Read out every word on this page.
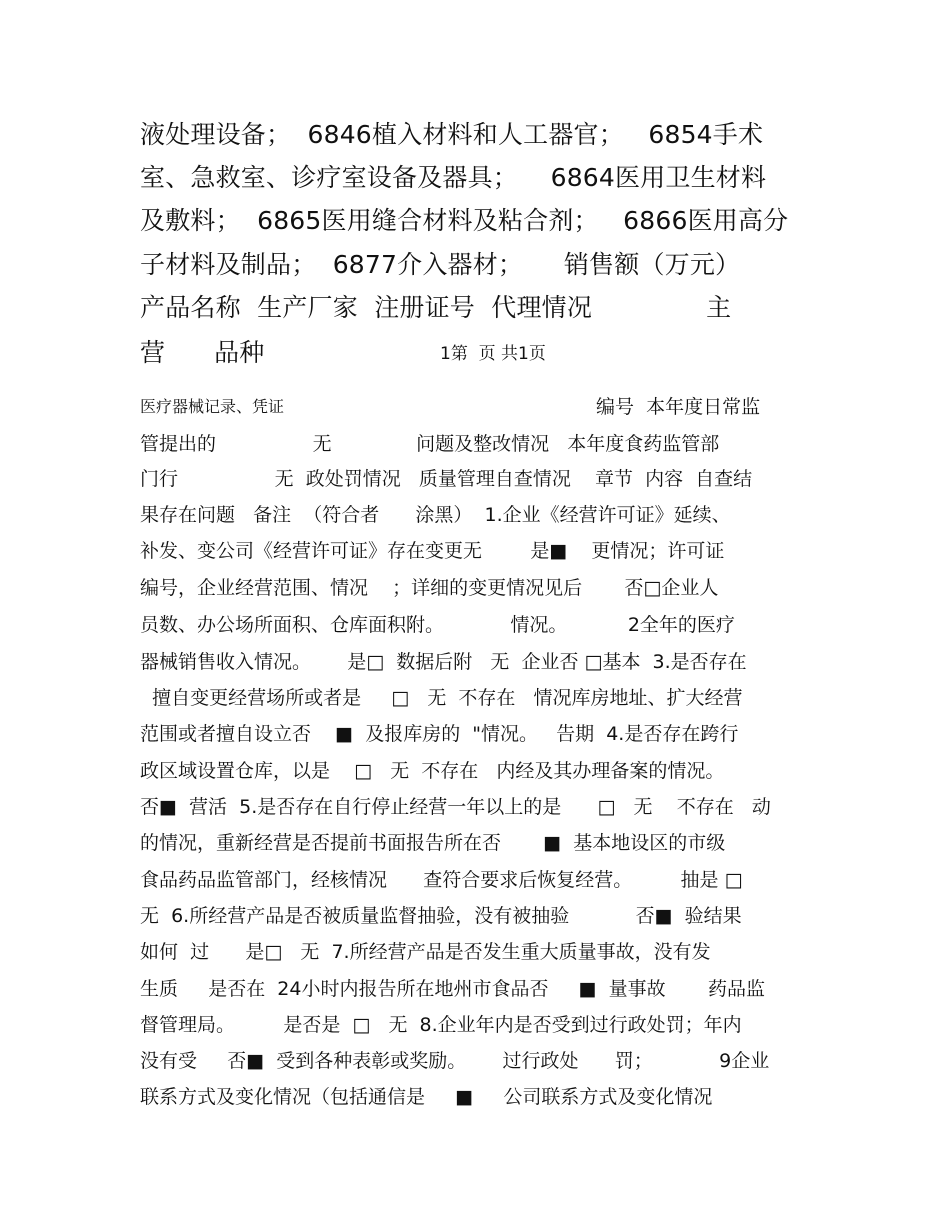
液处理设备；  6846植入材料和人工器官；   6854手术
室、急救室、诊疗室设备及器具；    6864医用卫生材料
及敷料；  6865医用缝合材料及粘合剂；   6866医用高分
子材料及制品；  6877介入器材；     销售额（万元）
产品名称  生产厂家  注册证号  代理情况              主
营      品种	1第  页 共1页
医疗器械记录、凭证	编号  本年度日常监
管提出的                无              问题及整改情况   本年度食药监管部
门行                无  政处罚情况   质量管理自查情况    章节  内容  自查结
果存在问题   备注  （符合者      涂黑）  1.企业《经营许可证》延续、
补发、变公司《经营许可证》存在变更无        是■    更情况；许可证
编号，企业经营范围、情况    ；详细的变更情况见后       否□企业人
员数、办公场所面积、仓库面积附。           情况。          2全年的医疗
器械销售收入情况。      是□  数据后附   无  企业否 □基本  3.是否存在
擅自变更经营场所或者是     □   无  不存在   情况库房地址、扩大经营
范围或者擅自设立否    ■  及报库房的  "情况。   告期  4.是否存在跨行
政区域设置仓库，以是    □   无  不存在   内经及其办理备案的情况。
否■  营活  5.是否存在自行停止经营一年以上的是      □   无    不存在   动
的情况，重新经营是否提前书面报告所在否       ■  基本地设区的市级
食品药品监管部门，经核情况      查符合要求后恢复经营。        抽是 □
无  6.所经营产品是否被质量监督抽验，没有被抽验           否■  验结果
如何  过      是□   无  7.所经营产品是否发生重大质量事故，没有发
生质     是否在  24小时内报告所在地州市食品否     ■  量事故       药品监
督管理局。        是否是  □   无  8.企业年内是否受到过行政处罚；年内
没有受     否■  受到各种表彰或奖励。      过行政处      罚；           9企业
联系方式及变化情况（包括通信是     ■     公司联系方式及变化情况
